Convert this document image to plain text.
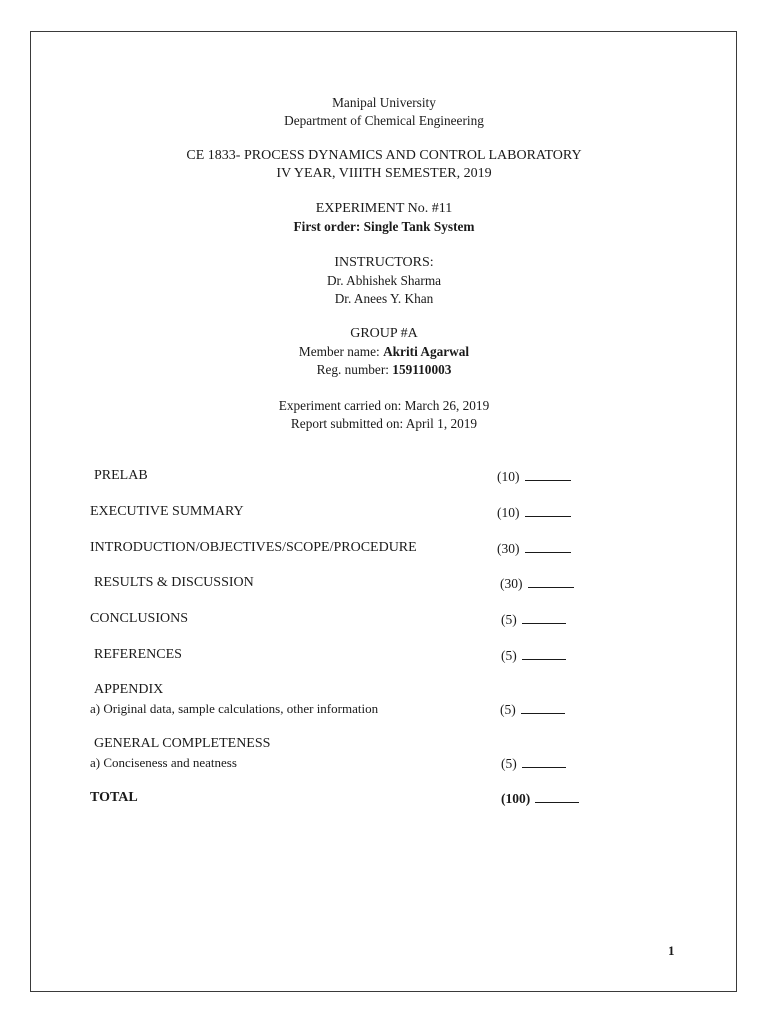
Manipal University
Department of Chemical Engineering
CE 1833- PROCESS DYNAMICS AND CONTROL LABORATORY
IV YEAR, VIIITH SEMESTER, 2019
EXPERIMENT No. #11
First order: Single Tank System
INSTRUCTORS:
Dr. Abhishek Sharma
Dr. Anees Y. Khan
GROUP #A
Member name: Akriti Agarwal
Reg. number: 159110003
Experiment carried on: March 26, 2019
Report submitted on: April 1, 2019
PRELAB	(10)
EXECUTIVE SUMMARY	(10)
INTRODUCTION/OBJECTIVES/SCOPE/PROCEDURE	(30)
RESULTS & DISCUSSION	(30)
CONCLUSIONS	(5)
REFERENCES	(5)
APPENDIX
a) Original data, sample calculations, other information	(5)
GENERAL COMPLETENESS
a) Conciseness and neatness	(5)
TOTAL	(100)
1
